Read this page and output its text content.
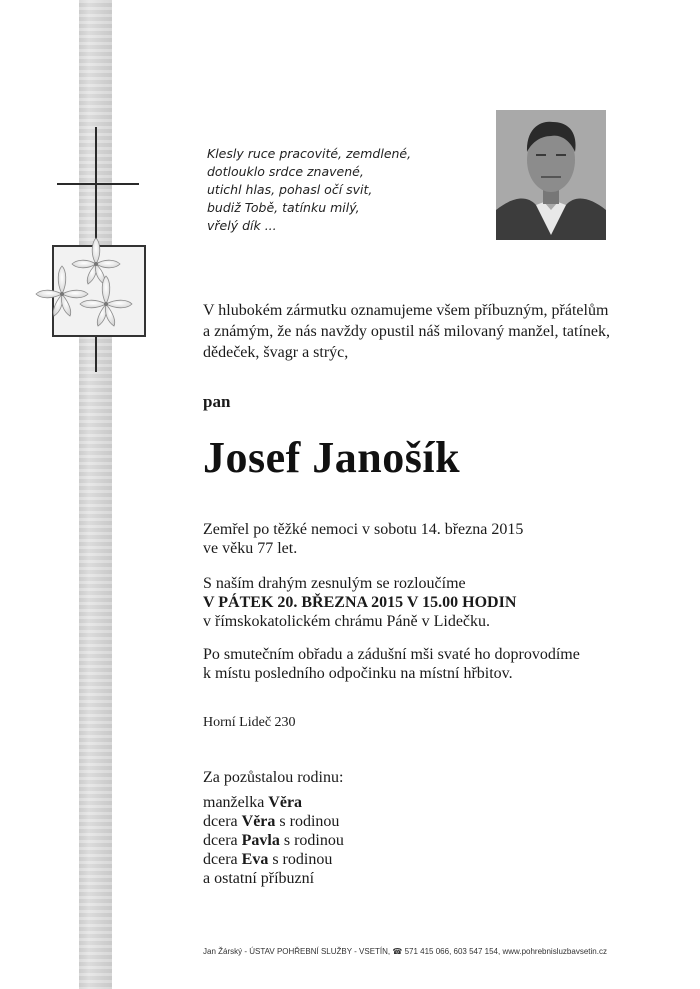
Klesly ruce pracovité, zemdlené,
dotlouklo srdce znavené,
utichl hlas, pohasl očí svit,
budiž Tobě, tatínku milý,
vřelý dík ...
V hlubokém zármutku oznamujeme všem příbuzným, přátelům
a známým, že nás navždy opustil náš milovaný manžel, tatínek,
dědeček, švagr a strýc,
pan
Josef Janošík
Zemřel po těžké nemoci v sobotu 14. března 2015
ve věku 77 let.
S naším drahým zesnulým se rozloučíme
V PÁTEK 20. BŘEZNA 2015 V 15.00 HODIN
v římskokatolickém chrámu Páně v Lidečku.
Po smutečním obřadu a zádušní mši svaté ho doprovodíme
k místu posledního odpočinku na místní hřbitov.
Horní Lideč 230
Za pozůstalou rodinu:
manželka Věra
dcera Věra s rodinou
dcera Pavla s rodinou
dcera Eva s rodinou
a ostatní příbuzní
Jan Žárský - ÚSTAV POHŘEBNÍ SLUŽBY - VSETÍN, ☎ 571 415 066, 603 547 154, www.pohrebnisluzbavsetin.cz
